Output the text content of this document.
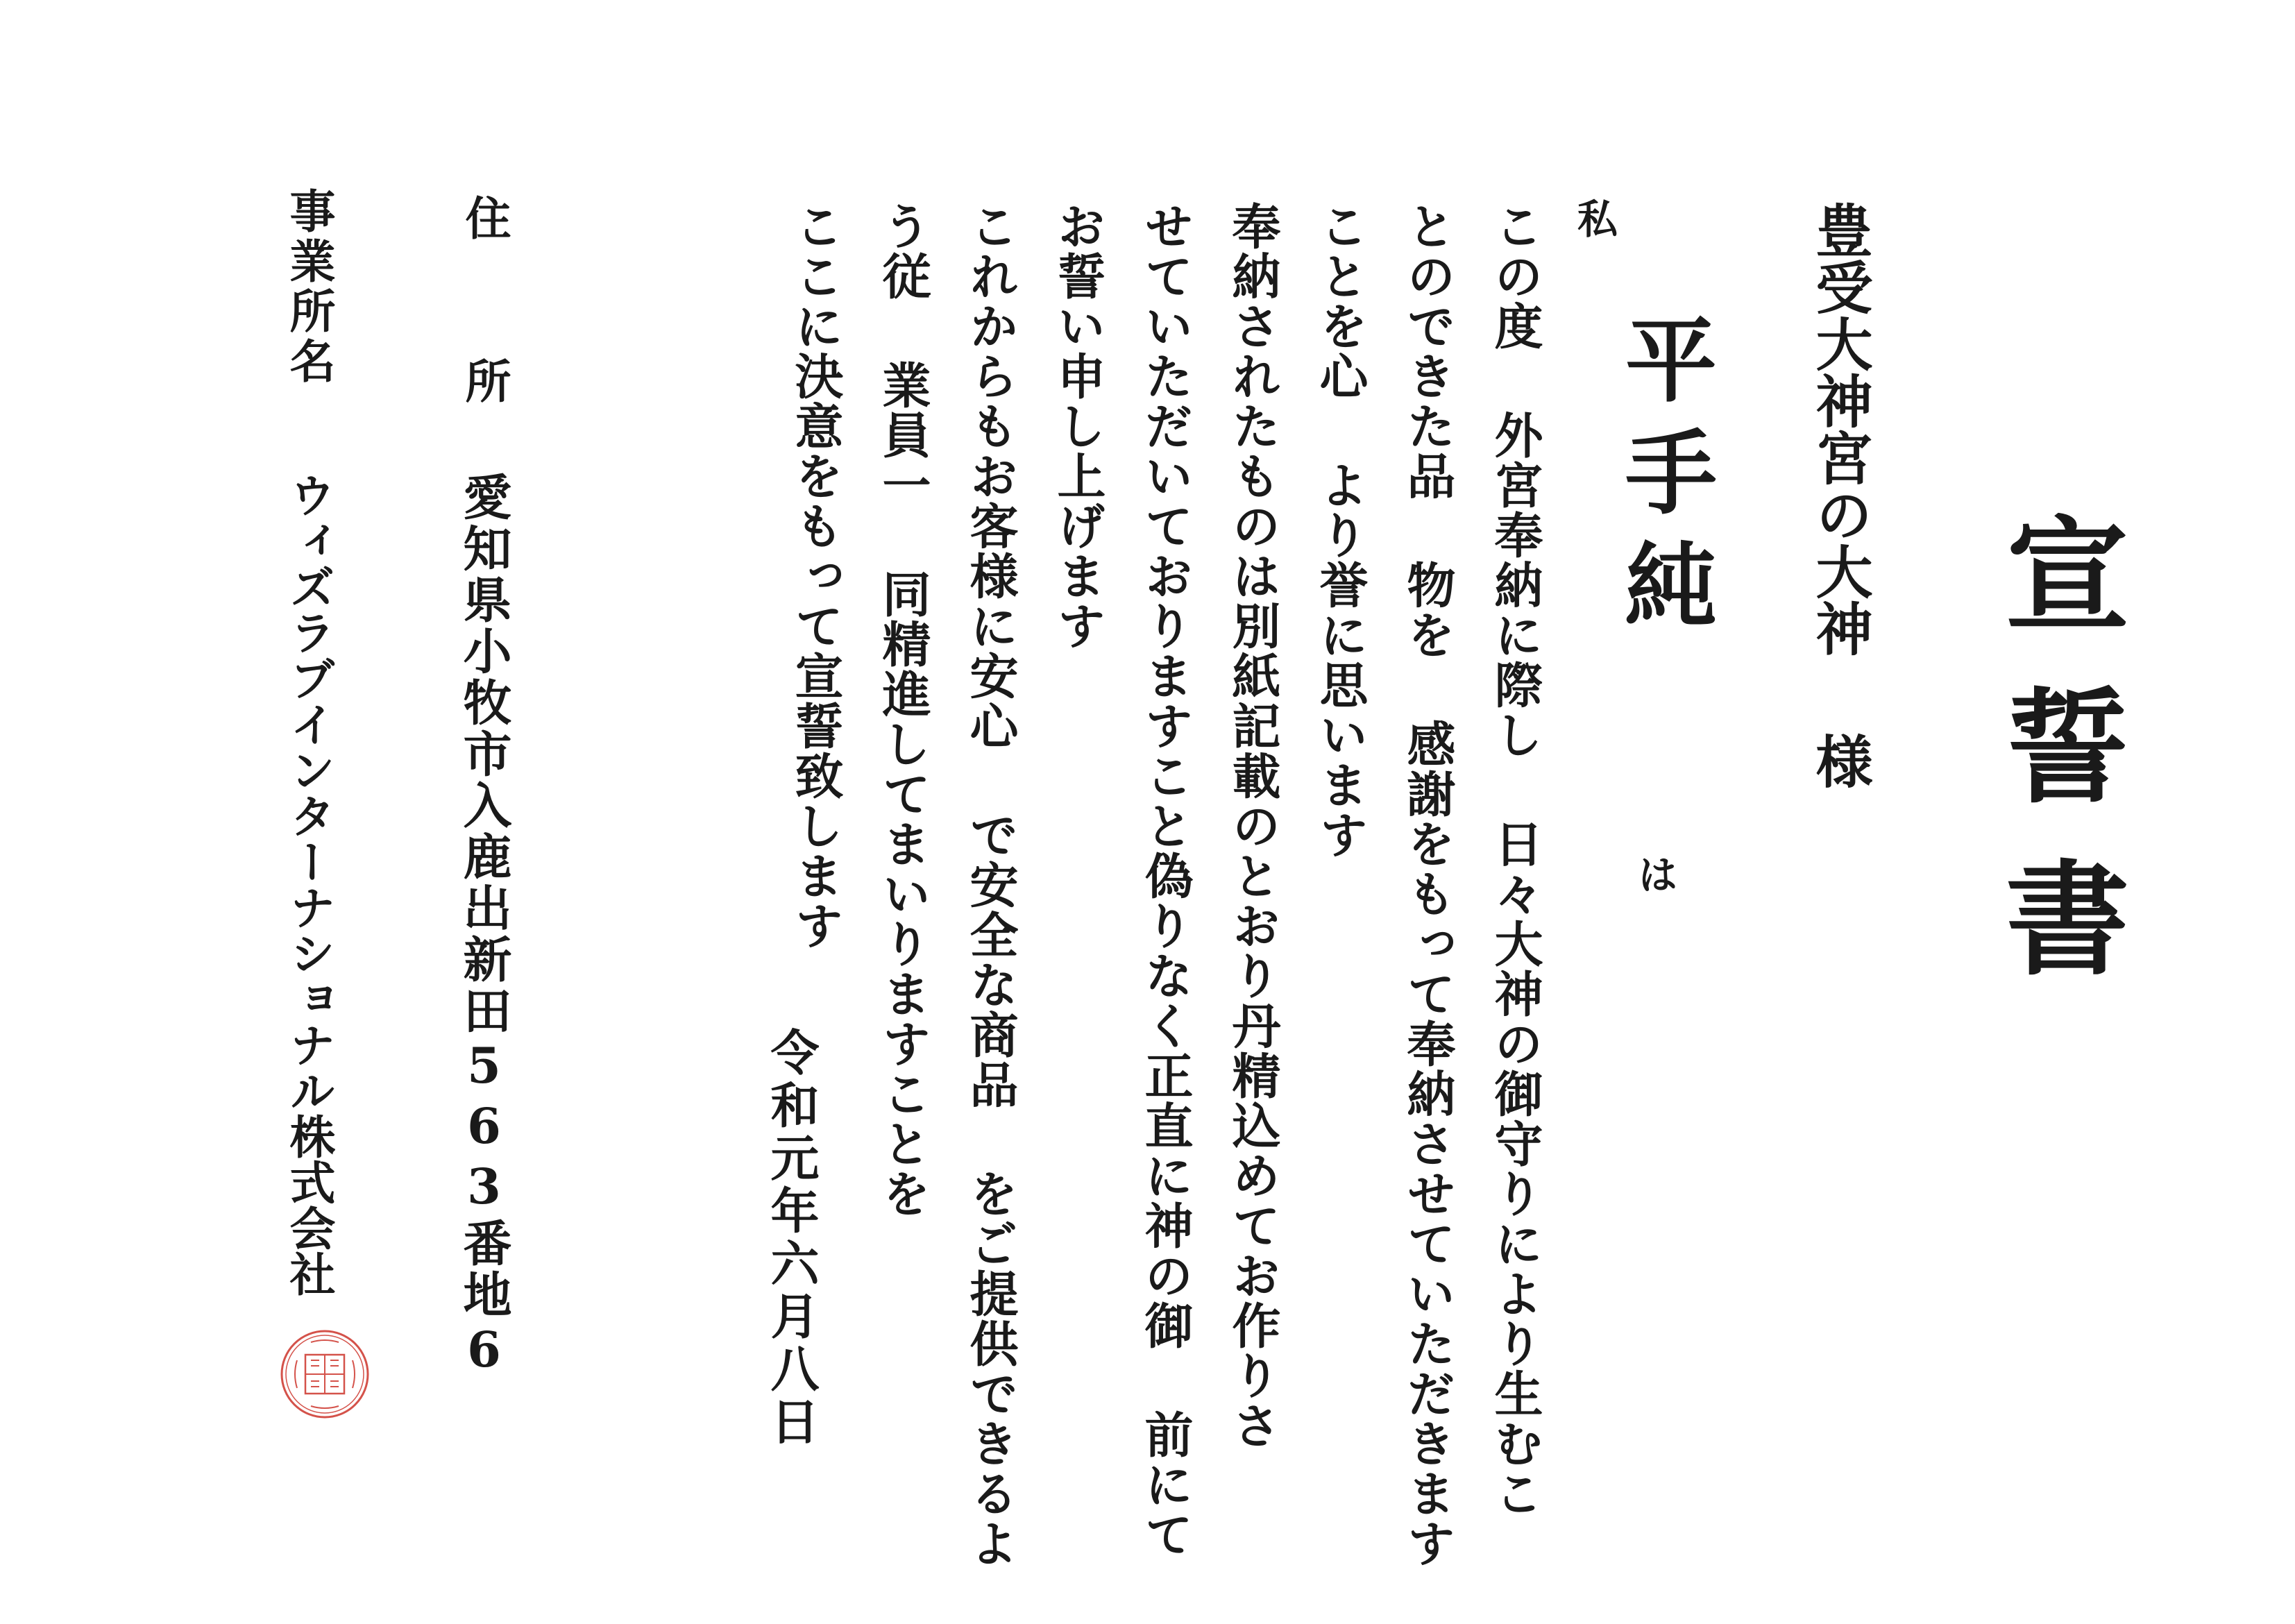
宣誓書
豊受大神宮の大神
様
私
平手純
は
この度 外宮奉納に際し 日々大神の御守りにより生むこ
とのできた品 物を 感謝をもって奉納させていただきます
ことを心 より誉に思います
奉納されたものは別紙記載のとおり丹精込めてお作りさ
せていただいておりますこと偽りなく正直に神の御 前にて
お誓い申し上げます
これからもお客様に安心 で安全な商品 をご提供できるよ
う従 業員一 同精進してまいりますことを
ここに決意をもって宣誓致します
令和元年六月八日
住
所
愛知県小牧市入鹿出新田563番地6
事業所名
ウィズラブインターナショナル株式会社
